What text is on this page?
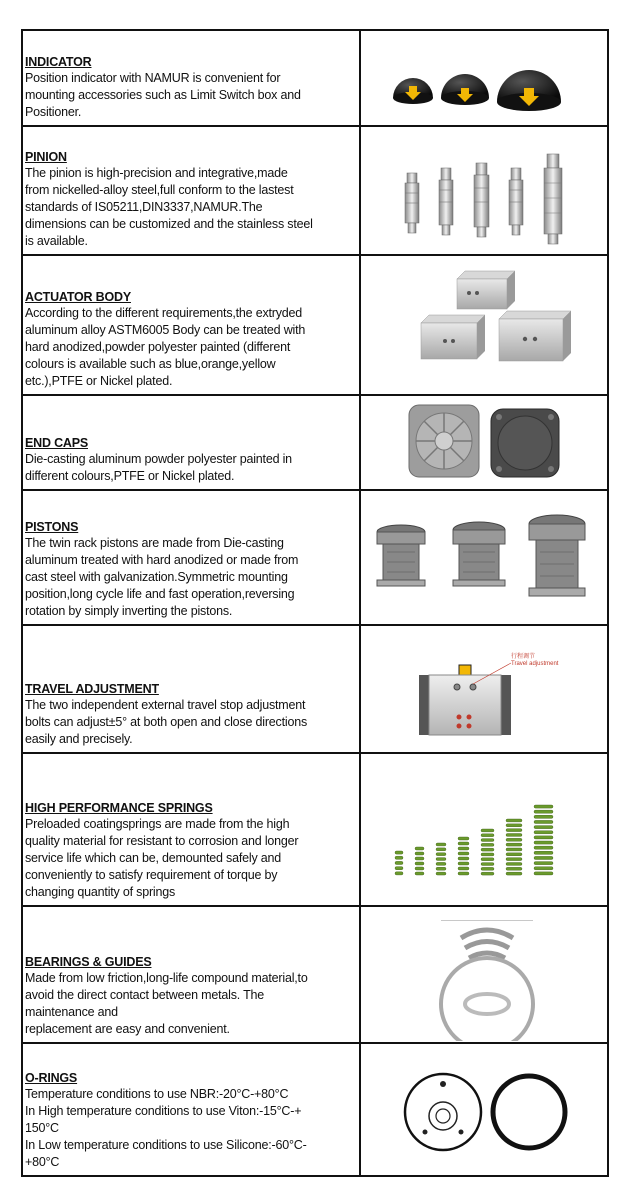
INDICATOR
Position indicator with NAMUR is convenient for
mounting accessories such as Limit Switch box and
Positioner.
PINION
The pinion is high-precision and integrative,made
from nickelled-alloy steel,full conform to the lastest
standards of IS05211,DIN3337,NAMUR.The
dimensions can be customized and the stainless steel
is available.
ACTUATOR BODY
According to the different requirements,the extryded
aluminum alloy ASTM6005 Body can be treated with
hard anodized,powder polyester painted (different
colours is available such as blue,orange,yellow
etc.),PTFE or Nickel plated.
END CAPS
Die-casting aluminum powder polyester painted in
different colours,PTFE or Nickel plated.
PISTONS
The twin rack pistons are made from Die-casting
aluminum treated with hard anodized or made from
cast steel with galvanization.Symmetric mounting
position,long cycle life and fast operation,reversing
rotation by simply inverting the pistons.
TRAVEL ADJUSTMENT
The two independent external travel stop adjustment
bolts can adjust±5° at both open and close directions
easily and precisely.
行程调节
Travel adjustment
HIGH PERFORMANCE SPRINGS
Preloaded coatingsprings are made from the high
quality material for resistant to corrosion and longer
service life which can be, demounted safely and
conveniently to satisfy requirement of torque by
changing quantity of springs
BEARINGS & GUIDES
Made from low friction,long-life compound material,to
avoid the direct contact between metals. The
maintenance and
replacement are easy and convenient.
O-RINGS
Temperature conditions to use NBR:-20°C-+80°C
In High temperature conditions to use Viton:-15°C-+
150°C
In Low temperature conditions to use Silicone:-60°C-
+80°C
